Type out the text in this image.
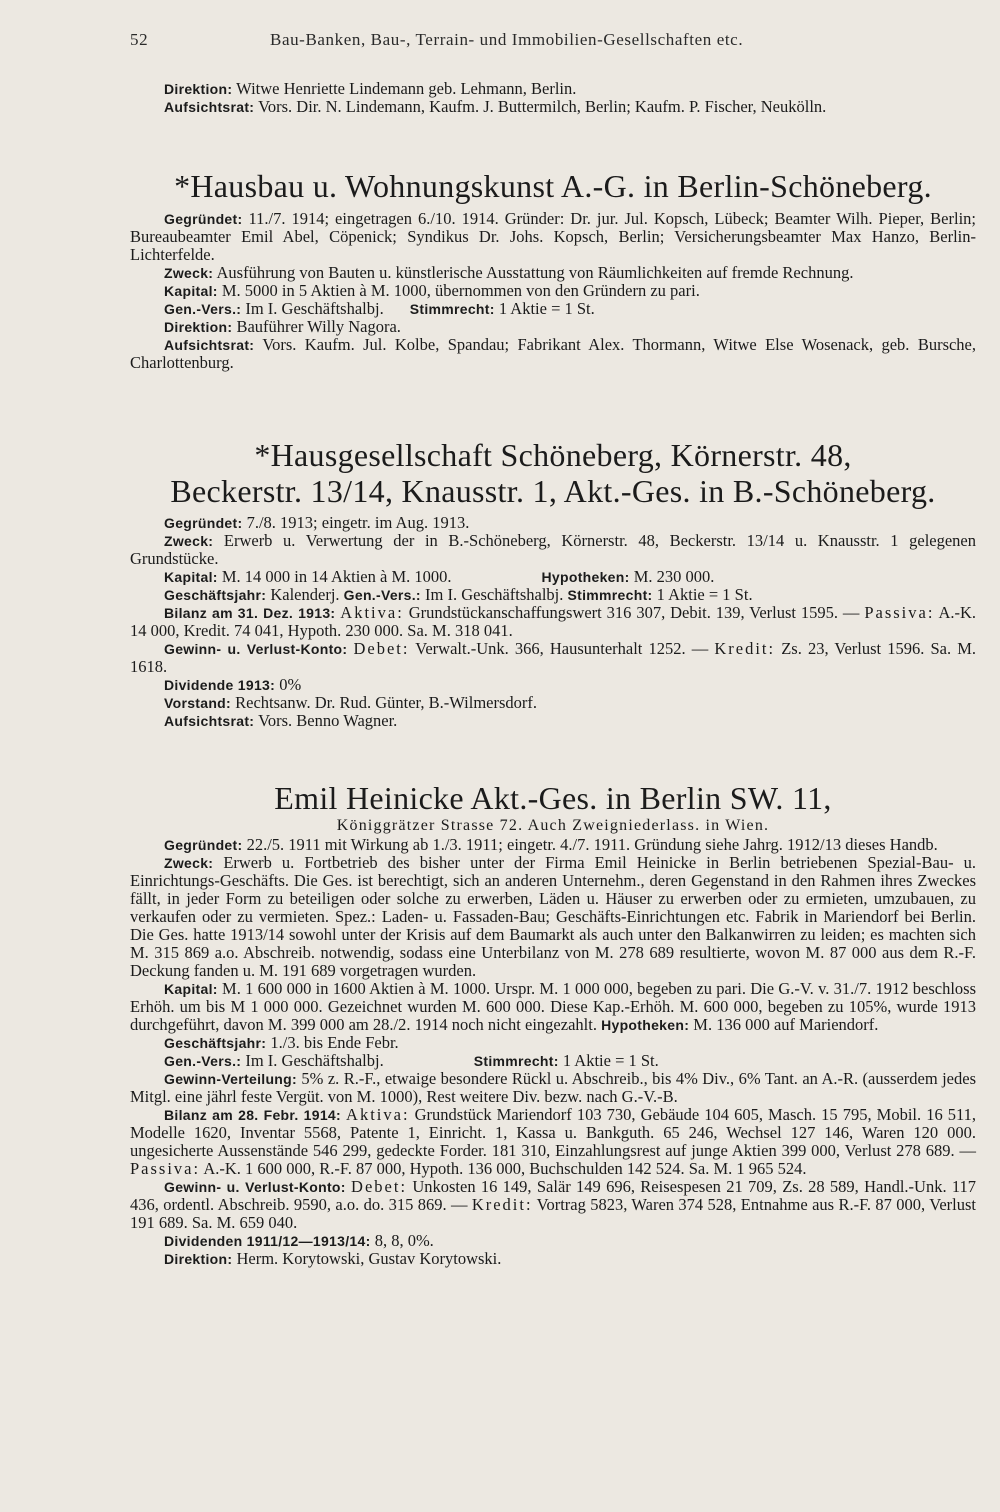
52	Bau-Banken, Bau-, Terrain- und Immobilien-Gesellschaften etc.

Direktion: Witwe Henriette Lindemann geb. Lehmann, Berlin.

Aufsichtsrat: Vors. Dir. N. Lindemann, Kaufm. J. Buttermilch, Berlin; Kaufm. P. Fischer, Neukölln.

*Hausbau u. Wohnungskunst A.-G. in Berlin-Schöneberg.

Gegründet: 11./7. 1914; eingetragen 6./10. 1914. Gründer: Dr. jur. Jul. Kopsch, Lübeck; Beamter Wilh. Pieper, Berlin; Bureaubeamter Emil Abel, Cöpenick; Syndikus Dr. Johs. Kopsch, Berlin; Versicherungsbeamter Max Hanzo, Berlin-Lichterfelde.

Zweck: Ausführung von Bauten u. künstlerische Ausstattung von Räumlichkeiten auf fremde Rechnung.

Kapital: M. 5000 in 5 Aktien à M. 1000, übernommen von den Gründern zu pari.

Gen.-Vers.: Im I. Geschäftshalbj. Stimmrecht: 1 Aktie = 1 St.

Direktion: Bauführer Willy Nagora.

Aufsichtsrat: Vors. Kaufm. Jul. Kolbe, Spandau; Fabrikant Alex. Thormann, Witwe Else Wosenack, geb. Bursche, Charlottenburg.

*Hausgesellschaft Schöneberg, Körnerstr. 48,
Beckerstr. 13/14, Knausstr. 1, Akt.-Ges. in B.-Schöneberg.

Gegründet: 7./8. 1913; eingetr. im Aug. 1913.

Zweck: Erwerb u. Verwertung der in B.-Schöneberg, Körnerstr. 48, Beckerstr. 13/14 u. Knausstr. 1 gelegenen Grundstücke.

Kapital: M. 14 000 in 14 Aktien à M. 1000.	Hypotheken: M. 230 000.

Geschäftsjahr: Kalenderj. Gen.-Vers.: Im I. Geschäftshalbj. Stimmrecht: 1 Aktie = 1 St.

Bilanz am 31. Dez. 1913: Aktiva: Grundstückanschaffungswert 316 307, Debit. 139, Verlust 1595. — Passiva: A.-K. 14 000, Kredit. 74 041, Hypoth. 230 000. Sa. M. 318 041.

Gewinn- u. Verlust-Konto: Debet: Verwalt.-Unk. 366, Hausunterhalt 1252. — Kredit: Zs. 23, Verlust 1596. Sa. M. 1618.

Dividende 1913: 0%

Vorstand: Rechtsanw. Dr. Rud. Günter, B.-Wilmersdorf.

Aufsichtsrat: Vors. Benno Wagner.

Emil Heinicke Akt.-Ges. in Berlin SW. 11,
Königgrätzer Strasse 72. Auch Zweigniederlass. in Wien.

Gegründet: 22./5. 1911 mit Wirkung ab 1./3. 1911; eingetr. 4./7. 1911. Gründung siehe Jahrg. 1912/13 dieses Handb.

Zweck: Erwerb u. Fortbetrieb des bisher unter der Firma Emil Heinicke in Berlin betriebenen Spezial-Bau- u. Einrichtungs-Geschäfts. Die Ges. ist berechtigt, sich an anderen Unternehm., deren Gegenstand in den Rahmen ihres Zweckes fällt, in jeder Form zu beteiligen oder solche zu erwerben, Läden u. Häuser zu erwerben oder zu ermieten, umzubauen, zu verkaufen oder zu vermieten. Spez.: Laden- u. Fassaden-Bau; Geschäfts-Einrichtungen etc. Fabrik in Mariendorf bei Berlin. Die Ges. hatte 1913/14 sowohl unter der Krisis auf dem Baumarkt als auch unter den Balkanwirren zu leiden; es machten sich M. 315 869 a.o. Abschreib. notwendig, sodass eine Unterbilanz von M. 278 689 resultierte, wovon M. 87 000 aus dem R.-F. Deckung fanden u. M. 191 689 vorgetragen wurden.

Kapital: M. 1 600 000 in 1600 Aktien à M. 1000. Urspr. M. 1 000 000, begeben zu pari. Die G.-V. v. 31./7. 1912 beschloss Erhöh. um bis M 1 000 000. Gezeichnet wurden M. 600 000. Diese Kap.-Erhöh. M. 600 000, begeben zu 105%, wurde 1913 durchgeführt, davon M. 399 000 am 28./2. 1914 noch nicht eingezahlt. Hypotheken: M. 136 000 auf Mariendorf.

Geschäftsjahr: 1./3. bis Ende Febr.

Gen.-Vers.: Im I. Geschäftshalbj.	Stimmrecht: 1 Aktie = 1 St.

Gewinn-Verteilung: 5% z. R.-F., etwaige besondere Rückl u. Abschreib., bis 4% Div., 6% Tant. an A.-R. (ausserdem jedes Mitgl. eine jährl feste Vergüt. von M. 1000), Rest weitere Div. bezw. nach G.-V.-B.

Bilanz am 28. Febr. 1914: Aktiva: Grundstück Mariendorf 103 730, Gebäude 104 605, Masch. 15 795, Mobil. 16 511, Modelle 1620, Inventar 5568, Patente 1, Einricht. 1, Kassa u. Bankguth. 65 246, Wechsel 127 146, Waren 120 000. ungesicherte Aussenstände 546 299, gedeckte Forder. 181 310, Einzahlungsrest auf junge Aktien 399 000, Verlust 278 689. — Passiva: A.-K. 1 600 000, R.-F. 87 000, Hypoth. 136 000, Buchschulden 142 524. Sa. M. 1 965 524.

Gewinn- u. Verlust-Konto: Debet: Unkosten 16 149, Salär 149 696, Reisespesen 21 709, Zs. 28 589, Handl.-Unk. 117 436, ordentl. Abschreib. 9590, a.o. do. 315 869. — Kredit: Vortrag 5823, Waren 374 528, Entnahme aus R.-F. 87 000, Verlust 191 689. Sa. M. 659 040.

Dividenden 1911/12—1913/14: 8, 8, 0%.

Direktion: Herm. Korytowski, Gustav Korytowski.
